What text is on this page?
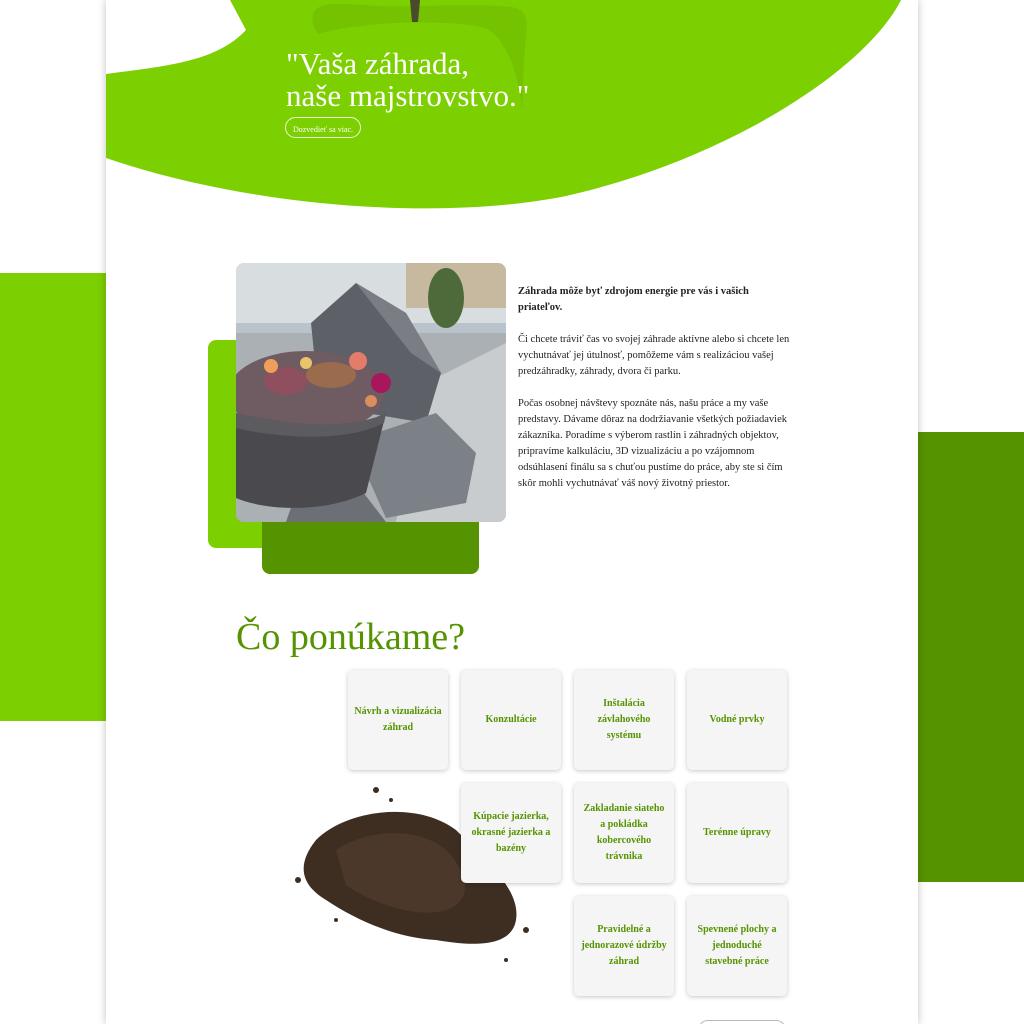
"Vaša záhrada,
naše majstrovstvo."
Dozvedieť sa viac.

Záhrada môže byť zdrojom energie pre vás i vašich priateľov.

Či chcete tráviť čas vo svojej záhrade aktívne alebo si chcete len vychutnávať jej útulnosť, pomôžeme vám s realizáciou vašej predzáhradky, záhrady, dvora či parku.

Počas osobnej návštevy spoznáte nás, našu práce a my vaše predstavy. Dávame dôraz na dodržiavanie všetkých požiadaviek zákazníka. Poradíme s výberom rastlín i záhradných objektov, pripravíme kalkuláciu, 3D vizualizáciu a po vzájomnom odsúhlasení finálu sa s chuťou pustíme do práce, aby ste si čím skôr mohli vychutnávať váš nový životný priestor.

Čo ponúkame?
Návrh a vizualizácia záhrad
Konzultácie
Inštalácia závlahového systému
Vodné prvky
Kúpacie jazierka, okrasné jazierka a bazény
Zakladanie siateho a pokládka kobercového trávnika
Terénne úpravy
Pravidelné a jednorazové údržby záhrad
Spevnené plochy a jednoduché stavebné práce
